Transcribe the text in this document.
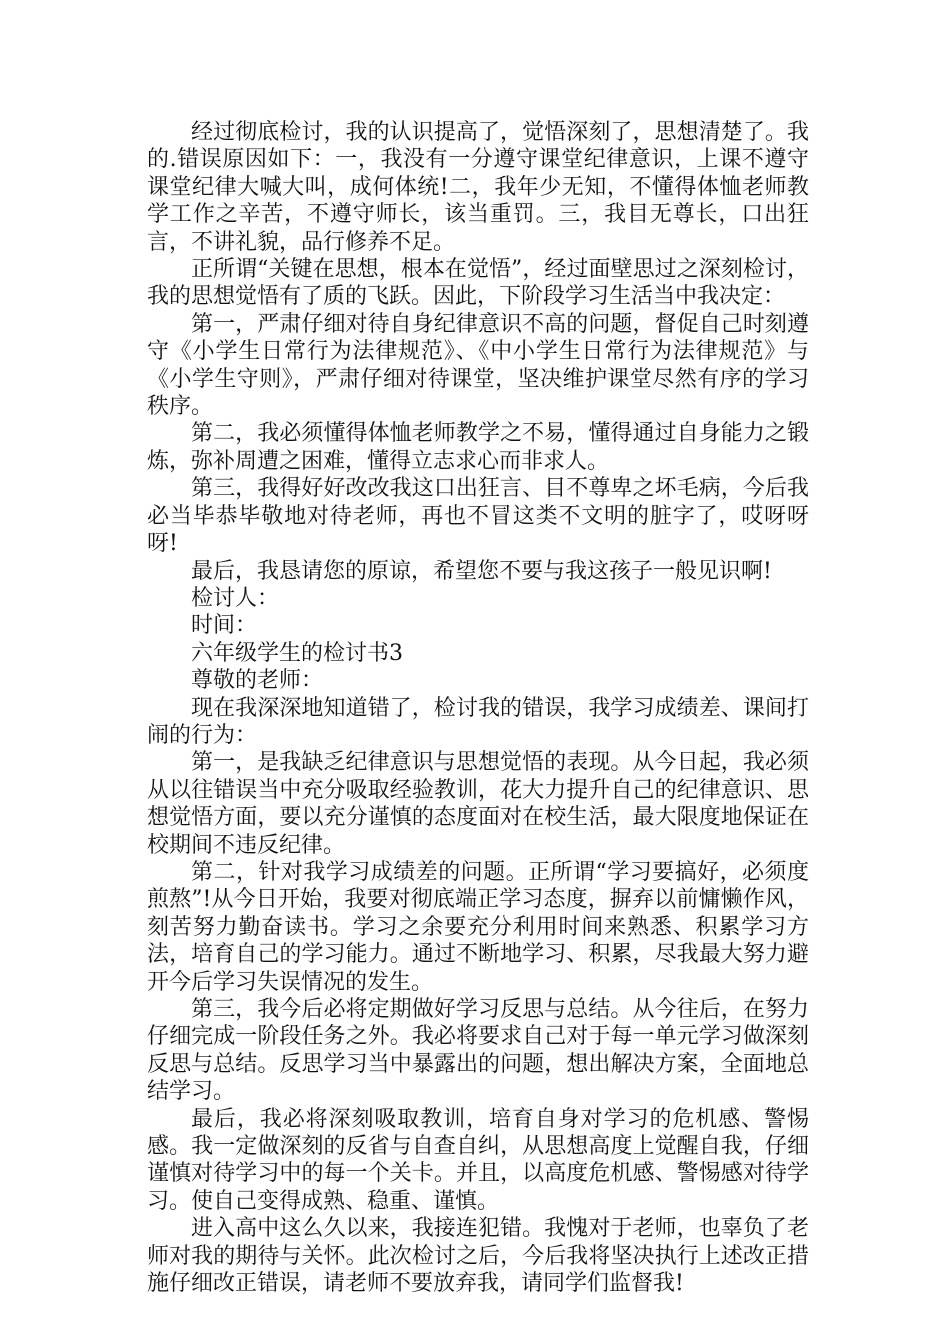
经过彻底检讨，我的认识提高了，觉悟深刻了，思想清楚了。我的.错误原因如下：一，我没有一分遵守课堂纪律意识，上课不遵守课堂纪律大喊大叫，成何体统!二，我年少无知，不懂得体恤老师教学工作之辛苦，不遵守师长，该当重罚。三，我目无尊长，口出狂言，不讲礼貌，品行修养不足。

正所谓“关键在思想，根本在觉悟”，经过面壁思过之深刻检讨，我的思想觉悟有了质的飞跃。因此，下阶段学习生活当中我决定：

第一，严肃仔细对待自身纪律意识不高的问题，督促自己时刻遵守《小学生日常行为法律规范》、《中小学生日常行为法律规范》与《小学生守则》，严肃仔细对待课堂，坚决维护课堂尽然有序的学习秩序。

第二，我必须懂得体恤老师教学之不易，懂得通过自身能力之锻炼，弥补周遭之困难，懂得立志求心而非求人。

第三，我得好好改改我这口出狂言、目不尊卑之坏毛病，今后我必当毕恭毕敬地对待老师，再也不冒这类不文明的脏字了，哎呀呀呀!

最后，我恳请您的原谅，希望您不要与我这孩子一般见识啊!

检讨人：

时间：

六年级学生的检讨书3

尊敬的老师：

现在我深深地知道错了，检讨我的错误，我学习成绩差、课间打闹的行为：

第一，是我缺乏纪律意识与思想觉悟的表现。从今日起，我必须从以往错误当中充分吸取经验教训，花大力提升自己的纪律意识、思想觉悟方面，要以充分谨慎的态度面对在校生活，最大限度地保证在校期间不违反纪律。

第二，针对我学习成绩差的问题。正所谓“学习要搞好，必须度煎熬”!从今日开始，我要对彻底端正学习态度，摒弃以前慵懒作风，刻苦努力勤奋读书。学习之余要充分利用时间来熟悉、积累学习方法，培育自己的学习能力。通过不断地学习、积累，尽我最大努力避开今后学习失误情况的发生。

第三，我今后必将定期做好学习反思与总结。从今往后，在努力仔细完成一阶段任务之外。我必将要求自己对于每一单元学习做深刻反思与总结。反思学习当中暴露出的问题，想出解决方案，全面地总结学习。

最后，我必将深刻吸取教训，培育自身对学习的危机感、警惕感。我一定做深刻的反省与自查自纠，从思想高度上觉醒自我，仔细谨慎对待学习中的每一个关卡。并且，以高度危机感、警惕感对待学习。使自己变得成熟、稳重、谨慎。

进入高中这么久以来，我接连犯错。我愧对于老师，也辜负了老师对我的期待与关怀。此次检讨之后，今后我将坚决执行上述改正措施仔细改正错误，请老师不要放弃我，请同学们监督我!
